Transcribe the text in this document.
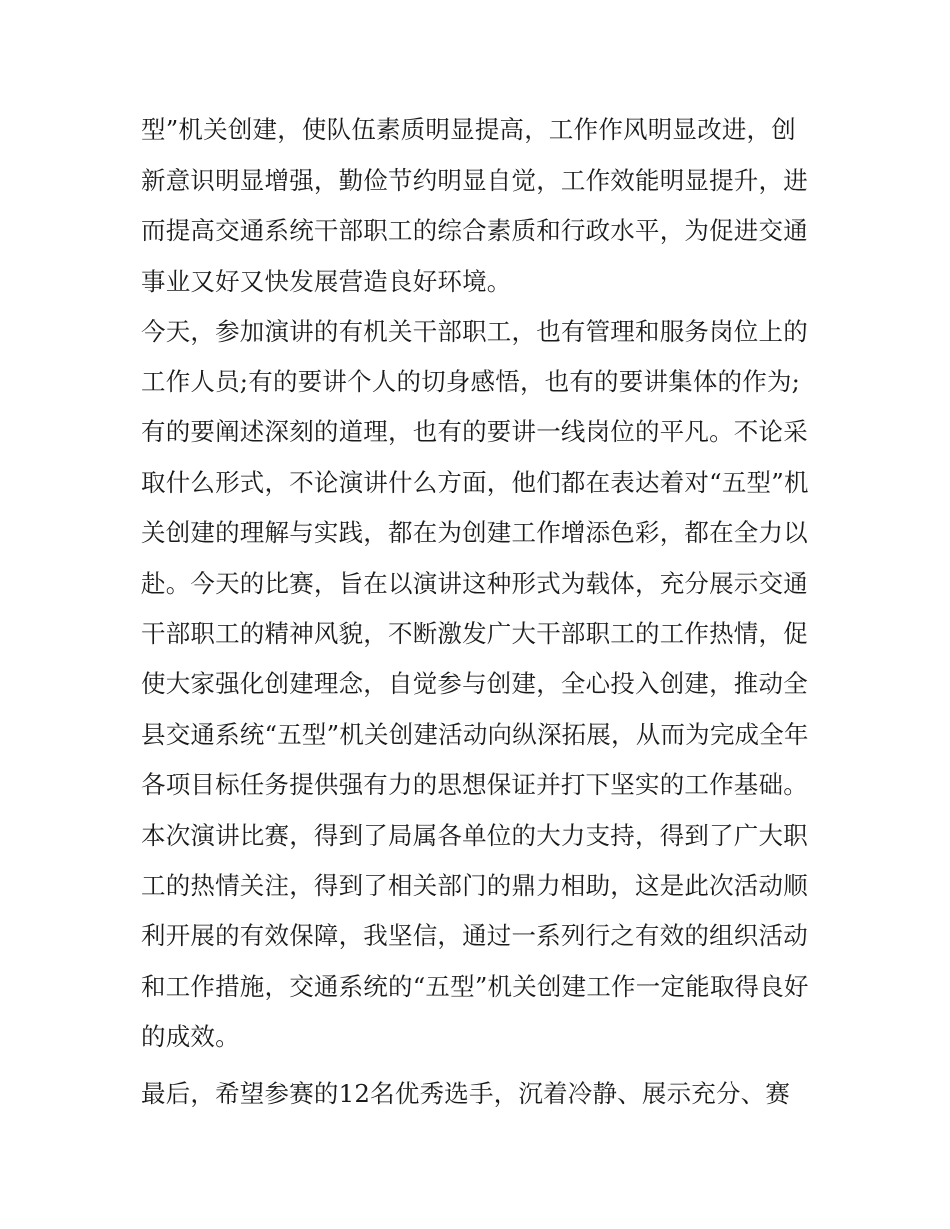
型”机关创建，使队伍素质明显提高，工作作风明显改进，创
新意识明显增强，勤俭节约明显自觉，工作效能明显提升，进
而提高交通系统干部职工的综合素质和行政水平，为促进交通
事业又好又快发展营造良好环境。
今天，参加演讲的有机关干部职工，也有管理和服务岗位上的
工作人员;有的要讲个人的切身感悟，也有的要讲集体的作为;
有的要阐述深刻的道理，也有的要讲一线岗位的平凡。不论采
取什么形式，不论演讲什么方面，他们都在表达着对“五型”机
关创建的理解与实践，都在为创建工作增添色彩，都在全力以
赴。今天的比赛，旨在以演讲这种形式为载体，充分展示交通
干部职工的精神风貌，不断激发广大干部职工的工作热情，促
使大家强化创建理念，自觉参与创建，全心投入创建，推动全
县交通系统“五型”机关创建活动向纵深拓展，从而为完成全年
各项目标任务提供强有力的思想保证并打下坚实的工作基础。
本次演讲比赛，得到了局属各单位的大力支持，得到了广大职
工的热情关注，得到了相关部门的鼎力相助，这是此次活动顺
利开展的有效保障，我坚信，通过一系列行之有效的组织活动
和工作措施，交通系统的“五型”机关创建工作一定能取得良好
的成效。
最后，希望参赛的12名优秀选手，沉着冷静、展示充分、赛
